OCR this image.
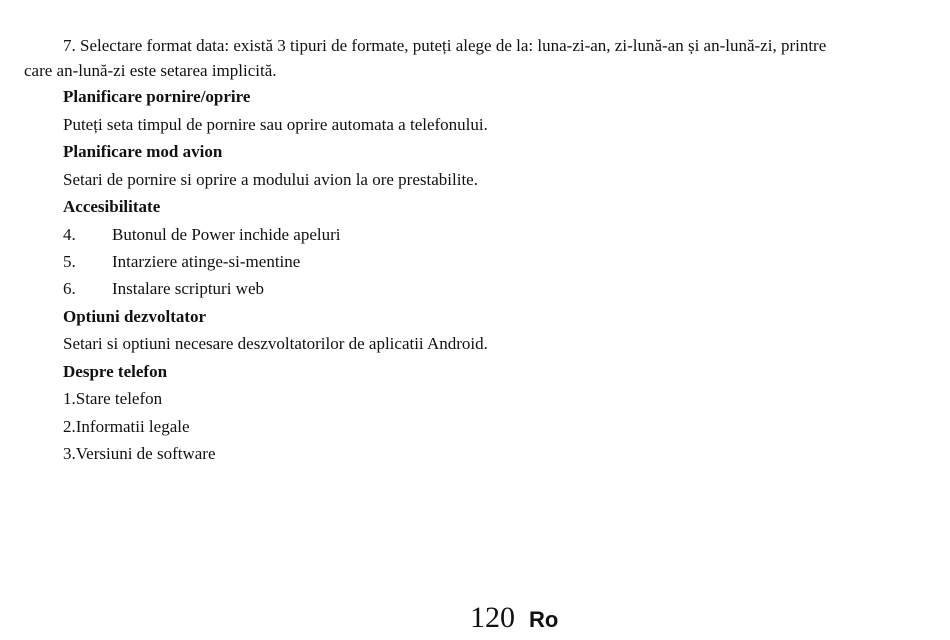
7. Selectare format data: există 3 tipuri de formate, puteți alege de la: luna-zi-an, zi-lună-an și an-lună-zi, printre
care an-lună-zi este setarea implicită.
Planificare pornire/oprire
Puteți seta timpul de pornire sau oprire automata a telefonului.
Planificare mod avion
Setari de pornire si oprire a modului avion la ore prestabilite.
Accesibilitate
4. Butonul de Power inchide apeluri
5. Intarziere atinge-si-mentine
6. Instalare scripturi web
Optiuni dezvoltator
Setari si optiuni necesare deszvoltatorilor de aplicatii Android.
Despre telefon
1.Stare telefon
2.Informatii legale
3.Versiuni de software
120 Ro
